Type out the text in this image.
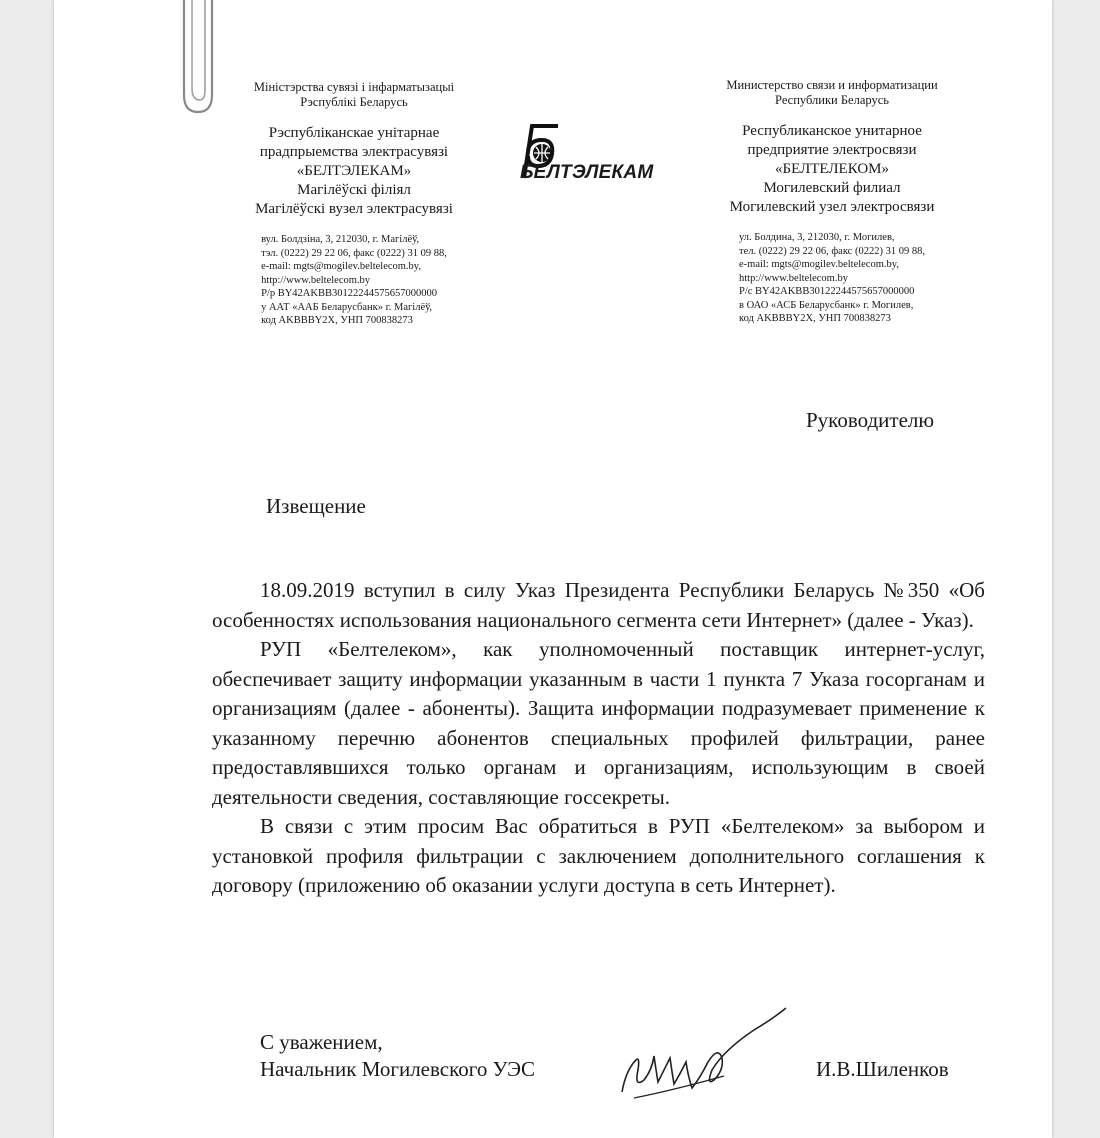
Міністэрства сувязі і інфарматызацыі
Рэспублікі Беларусь
Рэспубліканскае унітарнае
прадпрыемства электрасувязі
«БЕЛТЭЛЕКАМ»
Магілёўскі філіял
Магілёўскі вузел электрасувязі
вул. Болдзіна, 3, 212030, г. Магілёў,
тэл. (0222) 29 22 06, факс (0222) 31 09 88,
e-mail: mgts@mogilev.beltelecom.by,
http://www.beltelecom.by
Р/р BY42AKBB30122244575657000000
у ААТ «ААБ Беларусбанк» г. Магілёў,
код AKBBBY2X, УНП 700838273
БЕЛТЭЛЕКАМ
Министерство связи и информатизации
Республики Беларусь
Республиканское унитарное
предприятие электросвязи
«БЕЛТЕЛЕКОМ»
Могилевский филиал
Могилевский узел электросвязи
ул. Болдина, 3, 212030, г. Могилев,
тел. (0222) 29 22 06, факс (0222) 31 09 88,
e-mail: mgts@mogilev.beltelecom.by,
http://www.beltelecom.by
Р/с BY42AKBB30122244575657000000
в ОАО «АСБ Беларусбанк» г. Могилев,
код AKBBBY2X, УНП 700838273
Руководителю
Извещение

18.09.2019 вступил в силу Указ Президента Республики Беларусь №350 «Об особенностях использования национального сегмента сети Интернет» (далее - Указ).

РУП «Белтелеком», как уполномоченный поставщик интернет-услуг, обеспечивает защиту информации указанным в части 1 пункта 7 Указа госорганам и организациям (далее - абоненты). Защита информации подразумевает применение к указанному перечню абонентов специальных профилей фильтрации, ранее предоставлявшихся только органам и организациям, использующим в своей деятельности сведения, составляющие госсекреты.

В связи с этим просим Вас обратиться в РУП «Белтелеком» за выбором и установкой профиля фильтрации с заключением дополнительного соглашения к договору (приложению об оказании услуги доступа в сеть Интернет).

С уважением,
Начальник Могилевского УЭС	И.В.Шиленков
